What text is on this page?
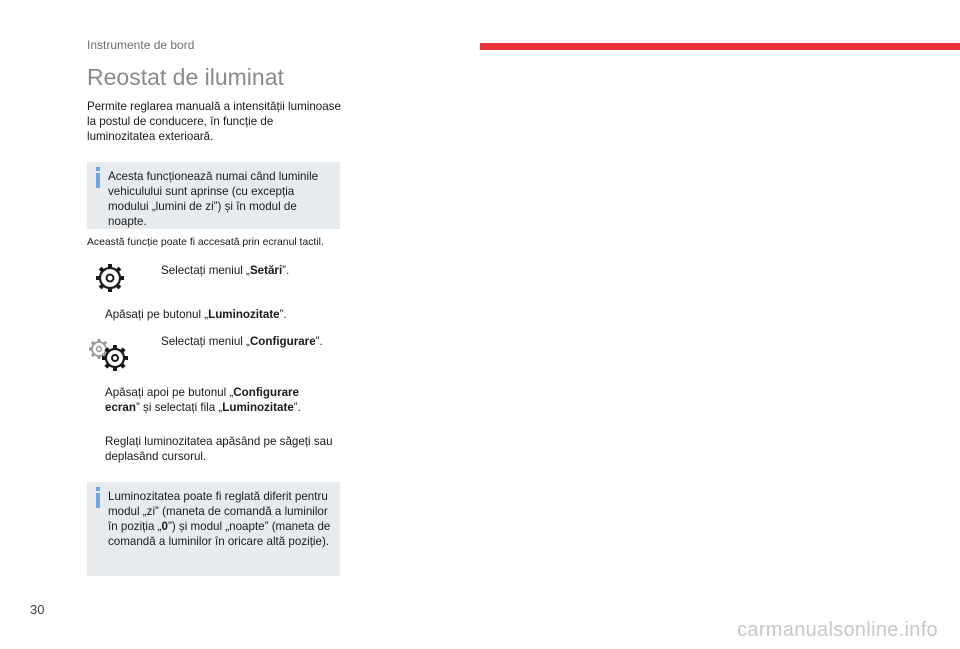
Instrumente de bord
Reostat de iluminat
Permite reglarea manuală a intensității luminoase la postul de conducere, în funcție de luminozitatea exterioară.
Acesta funcționează numai când luminile vehiculului sunt aprinse (cu excepția modului „lumini de zi”) și în modul de noapte.
Această funcție poate fi accesată prin ecranul tactil.
Selectați meniul „Setări”.
Apăsați pe butonul „Luminozitate”.
Selectați meniul „Configurare”.
Apăsați apoi pe butonul „Configurare ecran” și selectați fila „Luminozitate”.
Reglați luminozitatea apăsând pe săgeți sau deplasând cursorul.
Luminozitatea poate fi reglată diferit pentru modul „zi” (maneta de comandă a luminilor în poziția „0”) și modul „noapte” (maneta de comandă a luminilor în oricare altă poziție).
30
carmanualsonline.info
